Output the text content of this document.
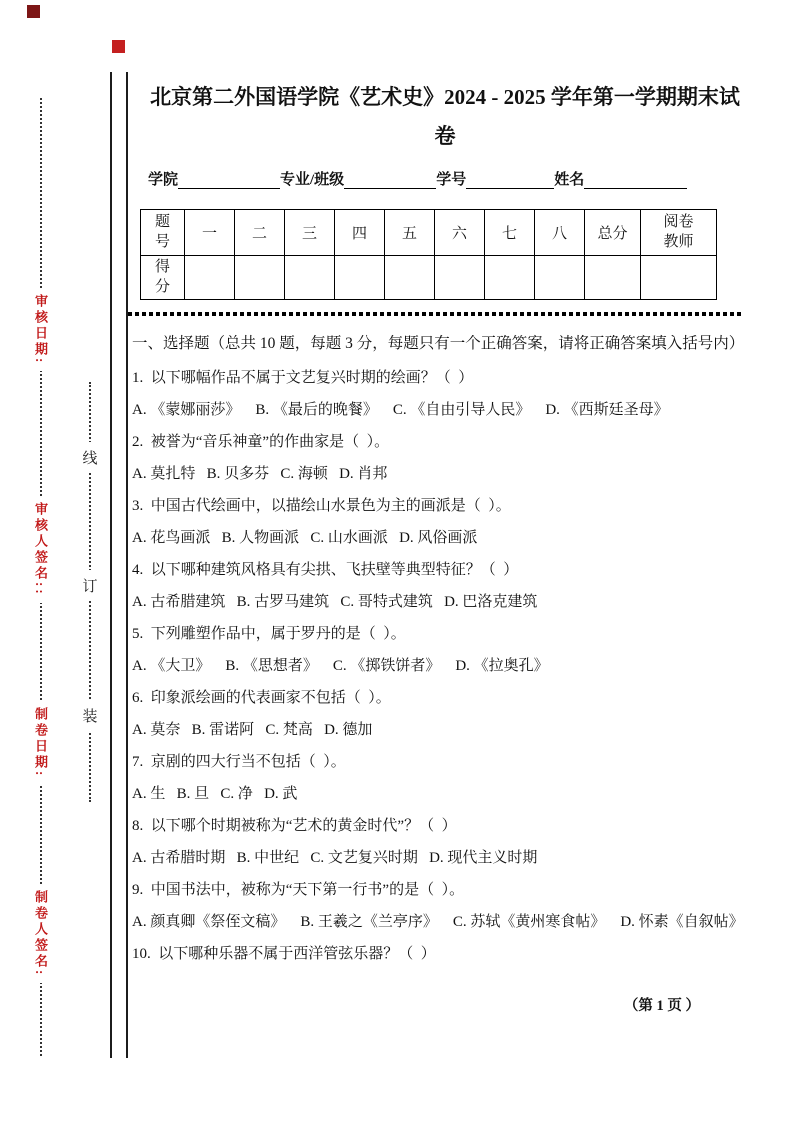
审核日期:
审核人签名::
制卷日期:
制卷人签名:
线
订
装
北京第二外国语学院《艺术史》2024 - 2025 学年第一学期期末试卷
学院	专业/班级	学号	姓名
题号	一	二	三	四	五	六	七	八	总分	阅卷教师
得分										
一、选择题（总共 10 题，每题 3 分，每题只有一个正确答案，请将正确答案填入括号内）
1.  以下哪幅作品不属于文艺复兴时期的绘画？（  ）
A. 《蒙娜丽莎》    B. 《最后的晚餐》    C. 《自由引导人民》    D. 《西斯廷圣母》
2.  被誉为“音乐神童”的作曲家是（  ）。
A. 莫扎特   B. 贝多芬   C. 海顿   D. 肖邦
3.  中国古代绘画中，以描绘山水景色为主的画派是（  ）。
A. 花鸟画派   B. 人物画派   C. 山水画派   D. 风俗画派
4.  以下哪种建筑风格具有尖拱、飞扶壁等典型特征？（  ）
A. 古希腊建筑   B. 古罗马建筑   C. 哥特式建筑   D. 巴洛克建筑
5.  下列雕塑作品中，属于罗丹的是（  ）。
A. 《大卫》    B. 《思想者》    C. 《掷铁饼者》    D. 《拉奥孔》
6.  印象派绘画的代表画家不包括（  ）。
A. 莫奈   B. 雷诺阿   C. 梵高   D. 德加
7.  京剧的四大行当不包括（  ）。
A. 生   B. 旦   C. 净   D. 武
8.  以下哪个时期被称为“艺术的黄金时代”？（  ）
A. 古希腊时期   B. 中世纪   C. 文艺复兴时期   D. 现代主义时期
9.  中国书法中，被称为“天下第一行书”的是（  ）。
A. 颜真卿《祭侄文稿》    B. 王羲之《兰亭序》    C. 苏轼《黄州寒食帖》    D. 怀素《自叙帖》
10.  以下哪种乐器不属于西洋管弦乐器？（  ）
（第 1 页 ）
